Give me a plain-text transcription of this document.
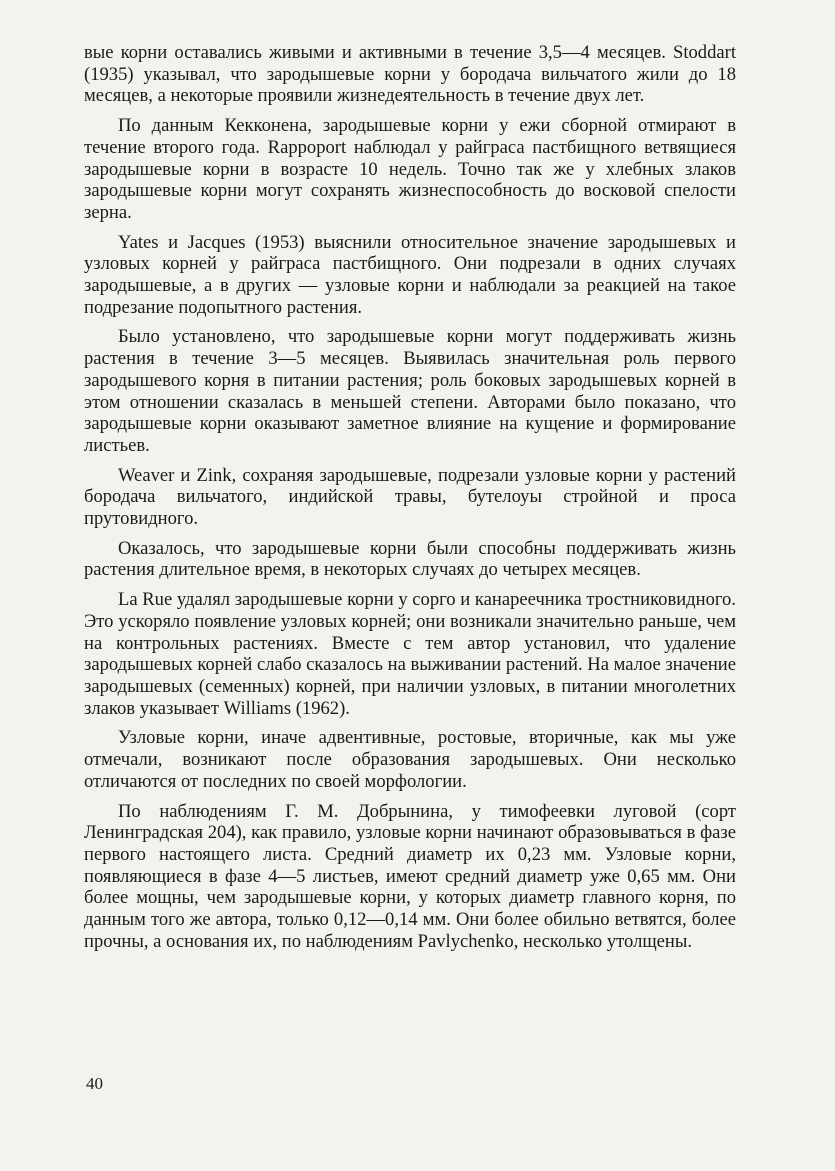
вые корни оставались живыми и активными в течение 3,5—4 месяцев. Stoddart (1935) указывал, что зародышевые корни у бородача вильчатого жили до 18 месяцев, а некоторые проявили жизнедеятельность в течение двух лет.

По данным Кекконена, зародышевые корни у ежи сборной отмирают в течение второго года. Rappoport наблюдал у райграса пастбищного ветвящиеся зародышевые корни в возрасте 10 недель. Точно так же у хлебных злаков зародышевые корни могут сохранять жизнеспособность до восковой спелости зерна.

Yates и Jacques (1953) выяснили относительное значение зародышевых и узловых корней у райграса пастбищного. Они подрезали в одних случаях зародышевые, а в других — узловые корни и наблюдали за реакцией на такое подрезание подопытного растения.

Было установлено, что зародышевые корни могут поддерживать жизнь растения в течение 3—5 месяцев. Выявилась значительная роль первого зародышевого корня в питании растения; роль боковых зародышевых корней в этом отношении сказалась в меньшей степени. Авторами было показано, что зародышевые корни оказывают заметное влияние на кущение и формирование листьев.

Weaver и Zink, сохраняя зародышевые, подрезали узловые корни у растений бородача вильчатого, индийской травы, бутелоуы стройной и проса прутовидного.

Оказалось, что зародышевые корни были способны поддерживать жизнь растения длительное время, в некоторых случаях до четырех месяцев.

La Rue удалял зародышевые корни у сорго и канареечника тростниковидного. Это ускоряло появление узловых корней; они возникали значительно раньше, чем на контрольных растениях. Вместе с тем автор установил, что удаление зародышевых корней слабо сказалось на выживании растений. На малое значение зародышевых (семенных) корней, при наличии узловых, в питании многолетних злаков указывает Williams (1962).

Узловые корни, иначе адвентивные, ростовые, вторичные, как мы уже отмечали, возникают после образования зародышевых. Они несколько отличаются от последних по своей морфологии.

По наблюдениям Г. М. Добрынина, у тимофеевки луговой (сорт Ленинградская 204), как правило, узловые корни начинают образовываться в фазе первого настоящего листа. Средний диаметр их 0,23 мм. Узловые корни, появляющиеся в фазе 4—5 листьев, имеют средний диаметр уже 0,65 мм. Они более мощны, чем зародышевые корни, у которых диаметр главного корня, по данным того же автора, только 0,12—0,14 мм. Они более обильно ветвятся, более прочны, а основания их, по наблюдениям Pavlychenko, несколько утолщены.

40
